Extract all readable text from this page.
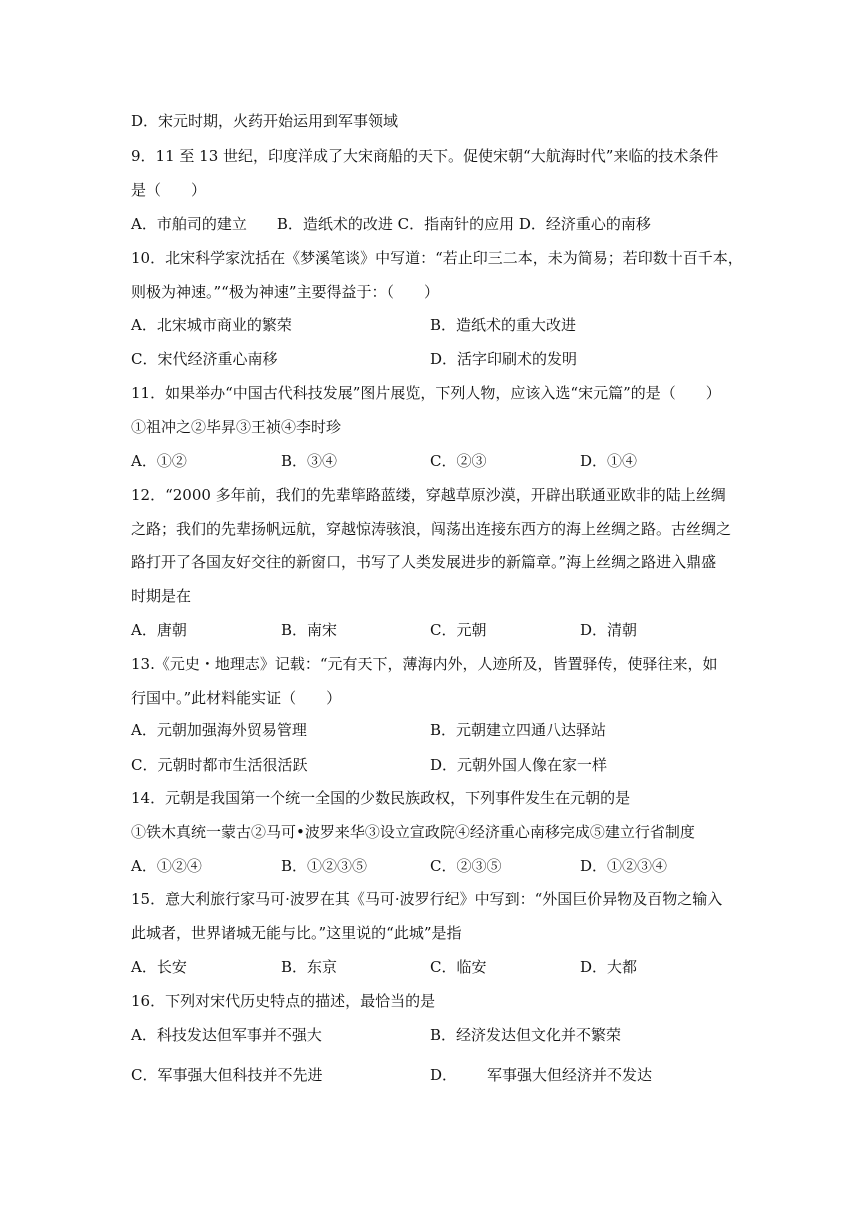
D．宋元时期，火药开始运用到军事领域
9．11 至 13 世纪，印度洋成了大宋商船的天下。促使宋朝“大航海时代”来临的技术条件
是（　　）
A．市舶司的建立　　B．造纸术的改进 C．指南针的应用 D．经济重心的南移
10．北宋科学家沈括在《梦溪笔谈》中写道：“若止印三二本，未为简易；若印数十百千本，
则极为神速。”“极为神速”主要得益于：（　　）
A．北宋城市商业的繁荣	B．造纸术的重大改进
C．宋代经济重心南移	D．活字印刷术的发明
11．如果举办“中国古代科技发展”图片展览，下列人物，应该入选“宋元篇”的是（　　）
①祖冲之②毕昇③王祯④李时珍
A．①②	B．③④	C．②③	D．①④
12．“2000 多年前，我们的先辈筚路蓝缕，穿越草原沙漠，开辟出联通亚欧非的陆上丝绸
之路；我们的先辈扬帆远航，穿越惊涛骇浪，闯荡出连接东西方的海上丝绸之路。古丝绸之
路打开了各国友好交往的新窗口，书写了人类发展进步的新篇章。”海上丝绸之路进入鼎盛
时期是在
A．唐朝	B．南宋	C．元朝	D．清朝
13.《元史・地理志》记载：“元有天下，薄海内外，人迹所及，皆置驿传，使驿往来，如
行国中。”此材料能实证（　　）
A．元朝加强海外贸易管理	B．元朝建立四通八达驿站
C．元朝时都市生活很活跃	D．元朝外国人像在家一样
14．元朝是我国第一个统一全国的少数民族政权，下列事件发生在元朝的是
①铁木真统一蒙古②马可•波罗来华③设立宣政院④经济重心南移完成⑤建立行省制度
A．①②④	B．①②③⑤	C．②③⑤	D．①②③④
15．意大利旅行家马可·波罗在其《马可·波罗行纪》中写到：“外国巨价异物及百物之输入
此城者，世界诸城无能与比。”这里说的“此城”是指
A．长安	B．东京	C．临安	D．大都
16．下列对宋代历史特点的描述，最恰当的是
A．科技发达但军事并不强大	B．经济发达但文化并不繁荣
C．军事强大但科技并不先进	D． 军事强大但经济并不发达
